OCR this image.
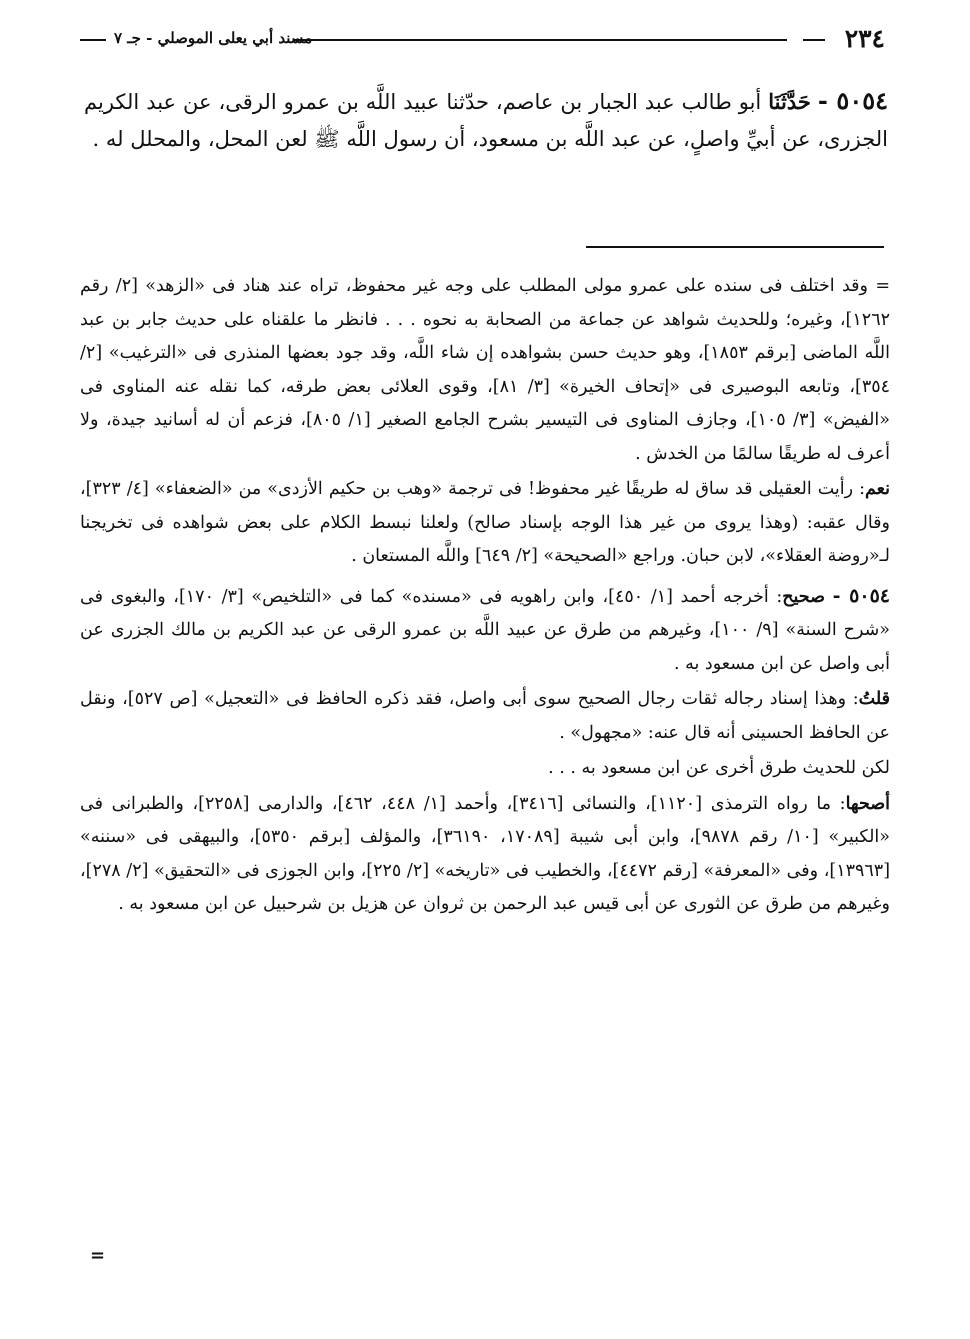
٢٣٤
مسند أبي يعلى الموصلي - جـ ٧

٥٠٥٤ - حَدَّثَنَا أبو طالب عبد الجبار بن عاصم، حدّثنا عبيد اللَّه بن عمرو الرقى، عن عبد الكريم الجزرى، عن أبيِّ واصلٍ، عن عبد اللَّه بن مسعود، أن رسول اللَّه ﷺ لعن المحل، والمحلل له .

= وقد اختلف فى سنده على عمرو مولى المطلب على وجه غير محفوظ، تراه عند هناد فى «الزهد» [٢/ رقم ١٢٦٢]، وغيره؛ وللحديث شواهد عن جماعة من الصحابة به نحوه . . . فانظر ما علقناه على حديث جابر بن عبد اللَّه الماضى [برقم ١٨٥٣]، وهو حديث حسن بشواهده إن شاء اللَّه، وقد جود بعضها المنذرى فى «الترغيب» [٢/ ٣٥٤]، وتابعه البوصيرى فى «إتحاف الخيرة» [٣/ ٨١]، وقوى العلائى بعض طرقه، كما نقله عنه المناوى فى «الفيض» [٣/ ١٠٥]، وجازف المناوى فى التيسير بشرح الجامع الصغير [١/ ٨٠٥]، فزعم أن له أسانيد جيدة، ولا أعرف له طريقًا سالمًا من الخدش .

نعم: رأيت العقيلى قد ساق له طريقًا غير محفوظ! فى ترجمة «وهب بن حكيم الأزدى» من «الضعفاء» [٤/ ٣٢٣]، وقال عقبه: (وهذا يروى من غير هذا الوجه بإسناد صالح) ولعلنا نبسط الكلام على بعض شواهده فى تخريجنا لـ«روضة العقلاء»، لابن حبان. وراجع «الصحيحة» [٢/ ٦٤٩] واللَّه المستعان .

٥٠٥٤ - صحيح: أخرجه أحمد [١/ ٤٥٠]، وابن راهويه فى «مسنده» كما فى «التلخيص» [٣/ ١٧٠]، والبغوى فى «شرح السنة» [٩/ ١٠٠]، وغيرهم من طرق عن عبيد اللَّه بن عمرو الرقى عن عبد الكريم بن مالك الجزرى عن أبى واصل عن ابن مسعود به .

قلتُ: وهذا إسناد رجاله ثقات رجال الصحيح سوى أبى واصل، فقد ذكره الحافظ فى «التعجيل» [ص ٥٢٧]، ونقل عن الحافظ الحسينى أنه قال عنه: «مجهول» .

لكن للحديث طرق أخرى عن ابن مسعود به . . .

أصحها: ما رواه الترمذى [١١٢٠]، والنسائى [٣٤١٦]، وأحمد [١/ ٤٤٨، ٤٦٢]، والدارمى [٢٢٥٨]، والطبرانى فى «الكبير» [١٠/ رقم ٩٨٧٨]، وابن أبى شيبة [١٧٠٨٩، ٣٦١٩٠]، والمؤلف [برقم ٥٣٥٠]، والبيهقى فى «سننه» [١٣٩٦٣]، وفى «المعرفة» [رقم ٤٤٧٢]، والخطيب فى «تاريخه» [٢/ ٢٢٥]، وابن الجوزى فى «التحقيق» [٢/ ٢٧٨]، وغيرهم من طرق عن الثورى عن أبى قيس عبد الرحمن بن ثروان عن هزيل بن شرحبيل عن ابن مسعود به .

=
